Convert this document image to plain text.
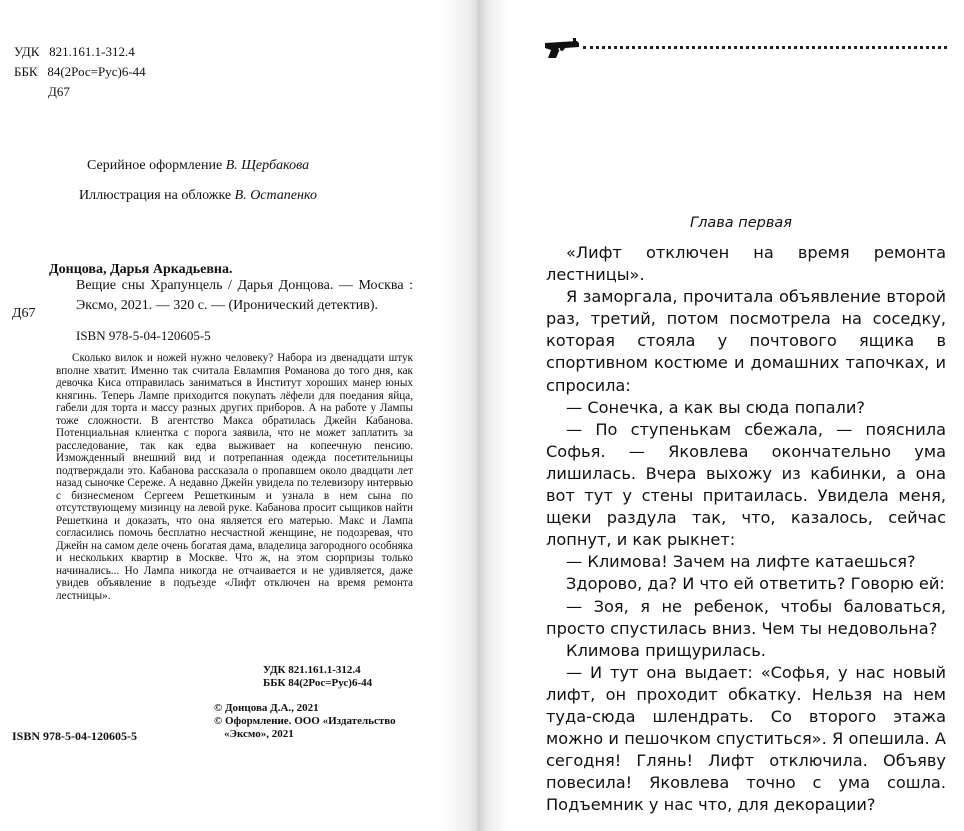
УДК   821.161.1-312.4
ББК   84(2Рос=Рус)6-44
Д67
Серийное оформление В. Щербакова
Иллюстрация на обложке В. Остапенко
Донцова, Дарья Аркадьевна.
Вещие сны Храпунцель / Дарья Донцова. — Москва :
Эксмо, 2021. — 320 с. — (Иронический детектив).
Д67
ISBN 978-5-04-120605-5

Сколько вилок и ножей нужно человеку? Набора из двенадцати штук вполне хватит. Именно так считала Евлампия Романова до того дня, как девочка Киса отправилась заниматься в Институт хороших манер юных княгинь. Теперь Лампе приходится покупать лёфели для поедания яйца, габели для торта и массу разных других приборов. А на работе у Лампы тоже сложности. В агентство Макса обратилась Джейн Кабанова. Потенциальная клиентка с порога заявила, что не может заплатить за расследование, так как едва выживает на копеечную пенсию. Изможденный внешний вид и потрепанная одежда посетительницы подтверждали это. Кабанова рассказала о пропавшем около двадцати лет назад сыночке Сереже. А недавно Джейн увидела по телевизору интервью с бизнесменом Сергеем Решеткиным и узнала в нем сына по отсутствующему мизинцу на левой руке. Кабанова просит сыщиков найти Решеткина и доказать, что она является его матерью. Макс и Лампа согласились помочь бесплатно несчастной женщине, не подозревая, что Джейн на самом деле очень богатая дама, владелица загородного особняка и нескольких квартир в Москве. Что ж, на этом сюрпризы только начинались... Но Лампа никогда не отчаивается и не удивляется, даже увидев объявление в подъезде «Лифт отключен на время ремонта лестницы».

УДК 821.161.1-312.4
ББК 84(2Рос=Рус)6-44
© Донцова Д.А., 2021
© Оформление. ООО «Издательство
«Эксмо», 2021
ISBN 978-5-04-120605-5
Глава первая

«Лифт отключен на время ремонта лестницы».

Я заморгала, прочитала объявление второй раз, третий, потом посмотрела на соседку, которая стояла у почтового ящика в спортивном костюме и домашних тапочках, и спросила:

— Сонечка, а как вы сюда попали?

— По ступенькам сбежала, — пояснила Софья. — Яковлева окончательно ума лишилась. Вчера выхожу из кабинки, а она вот тут у стены притаилась. Увидела меня, щеки раздула так, что, казалось, сейчас лопнут, и как рыкнет:

— Климова! Зачем на лифте катаешься?

Здорово, да? И что ей ответить? Говорю ей:

— Зоя, я не ребенок, чтобы баловаться, просто спустилась вниз. Чем ты недовольна?

Климова прищурилась.

— И тут она выдает: «Софья, у нас новый лифт, он проходит обкатку. Нельзя на нем туда-сюда шлендрать. Со второго этажа можно и пешочком спуститься». Я опешила. А сегодня! Глянь! Лифт отключила. Объяву повесила! Яковлева точно с ума сошла. Подъемник у нас что, для декорации?
